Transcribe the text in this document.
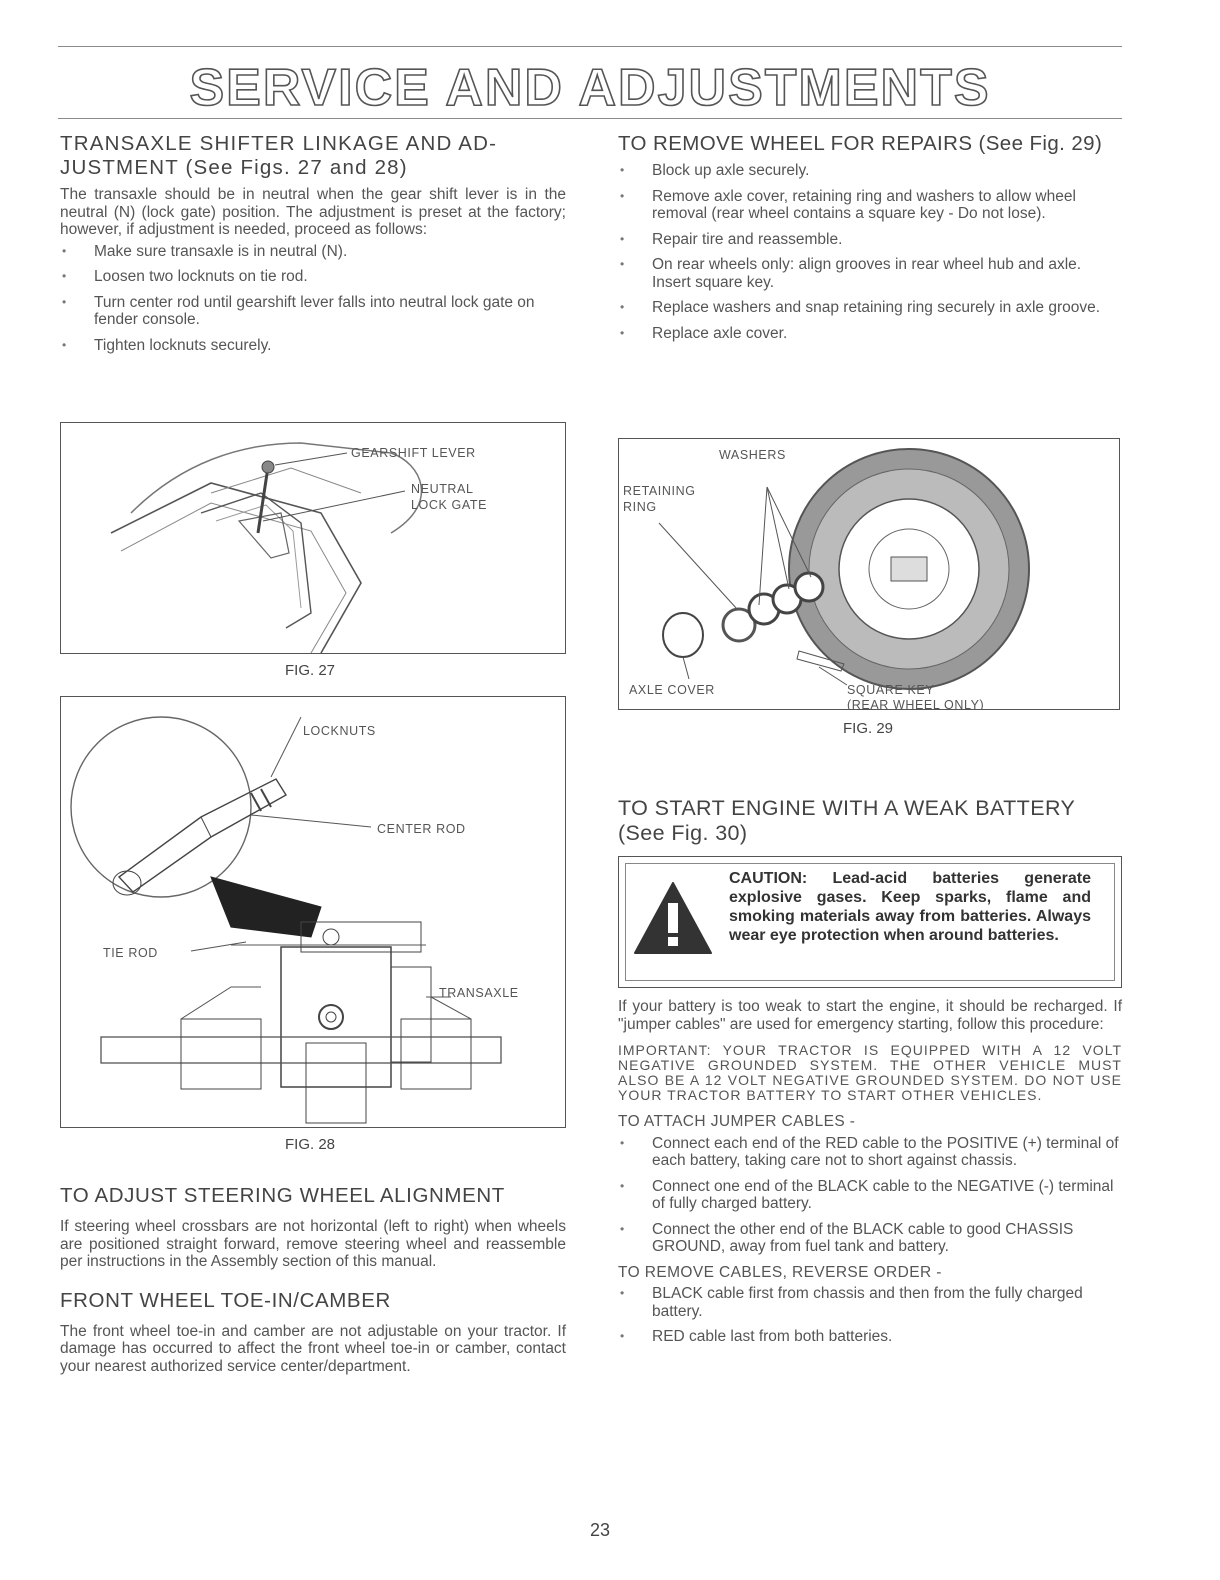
SERVICE AND ADJUSTMENTS
TRANSAXLE SHIFTER LINKAGE AND AD-JUSTMENT (See Figs. 27 and 28)

The transaxle should be in neutral when the gear shift lever is in the neutral (N) (lock gate) position. The adjustment is preset at the factory; however, if adjustment is needed, proceed as follows:

• Make sure transaxle is in neutral (N).
• Loosen two locknuts on tie rod.
• Turn center rod until gearshift lever falls into neutral lock gate on fender console.
• Tighten locknuts securely.
GEARSHIFT LEVER
NEUTRAL
LOCK GATE
FIG. 27
LOCKNUTS
CENTER ROD
TIE ROD
TRANSAXLE
FIG. 28
TO ADJUST STEERING WHEEL ALIGNMENT

If steering wheel crossbars are not horizontal (left to right) when wheels are positioned straight forward, remove steering wheel and reassemble per instructions in the Assembly section of this manual.

FRONT WHEEL TOE-IN/CAMBER

The front wheel toe-in and camber are not adjustable on your tractor. If damage has occurred to affect the front wheel toe-in or camber, contact your nearest authorized service center/department.

TO REMOVE WHEEL FOR REPAIRS (See Fig. 29)
• Block up axle securely.
• Remove axle cover, retaining ring and washers to allow wheel removal (rear wheel contains a square key - Do not lose).
• Repair tire and reassemble.
• On rear wheels only: align grooves in rear wheel hub and axle. Insert square key.
• Replace washers and snap retaining ring securely in axle groove.
• Replace axle cover.
WASHERS
RETAINING
RING
AXLE COVER	SQUARE KEY
(REAR WHEEL ONLY)
FIG. 29
TO START ENGINE WITH A WEAK BATTERY (See Fig. 30)
CAUTION: Lead-acid batteries generate explosive gases. Keep sparks, flame and smoking materials away from batteries. Always wear eye protection when around batteries.

If your battery is too weak to start the engine, it should be recharged. If "jumper cables" are used for emergency starting, follow this procedure:

IMPORTANT: YOUR TRACTOR IS EQUIPPED WITH A 12 VOLT NEGATIVE GROUNDED SYSTEM. THE OTHER VEHICLE MUST ALSO BE A 12 VOLT NEGATIVE GROUNDED SYSTEM. DO NOT USE YOUR TRACTOR BATTERY TO START OTHER VEHICLES.

TO ATTACH JUMPER CABLES -

• Connect each end of the RED cable to the POSITIVE (+) terminal of each battery, taking care not to short against chassis.
• Connect one end of the BLACK cable to the NEGATIVE (-) terminal of fully charged battery.
• Connect the other end of the BLACK cable to good CHASSIS GROUND, away from fuel tank and battery.

TO REMOVE CABLES, REVERSE ORDER -

• BLACK cable first from chassis and then from the fully charged battery.
• RED cable last from both batteries.
23
